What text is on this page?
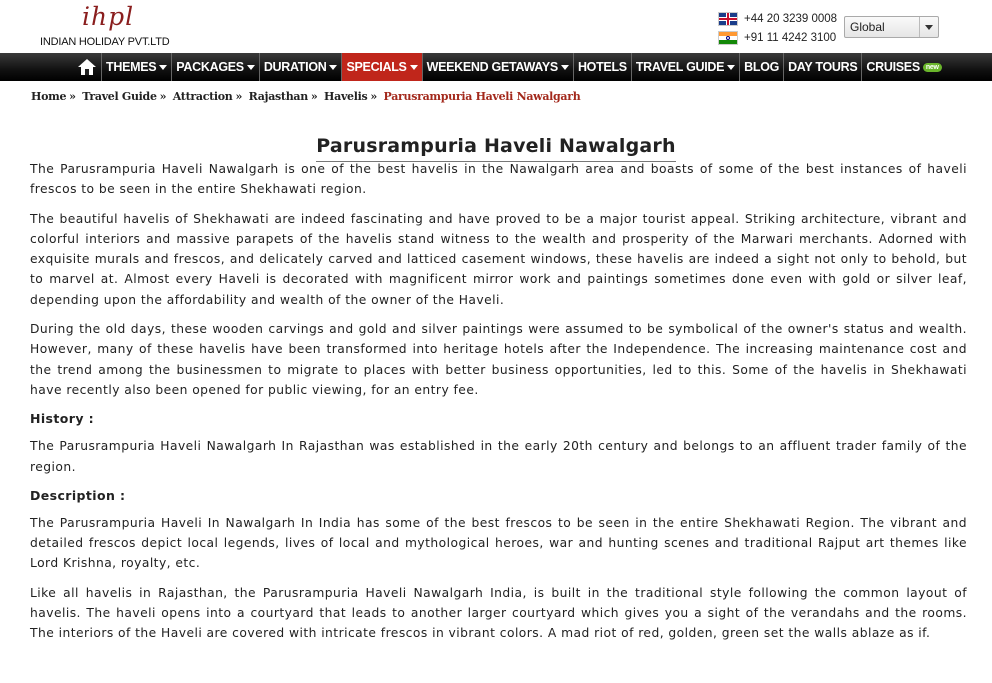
ihpl
INDIAN HOLIDAY PVT.LTD
+44 20 3239 0008
+91 11 4242 3100
Global
THEMES PACKAGES DURATION SPECIALS WEEKEND GETAWAYS HOTELS TRAVEL GUIDE BLOG DAY TOURS CRUISES new
Home » Travel Guide » Attraction » Rajasthan » Havelis » Parusrampuria Haveli Nawalgarh
Parusrampuria Haveli Nawalgarh

The Parusrampuria Haveli Nawalgarh is one of the best havelis in the Nawalgarh area and boasts of some of the best instances of haveli frescos to be seen in the entire Shekhawati region.

The beautiful havelis of Shekhawati are indeed fascinating and have proved to be a major tourist appeal. Striking architecture, vibrant and colorful interiors and massive parapets of the havelis stand witness to the wealth and prosperity of the Marwari merchants. Adorned with exquisite murals and frescos, and delicately carved and latticed casement windows, these havelis are indeed a sight not only to behold, but to marvel at. Almost every Haveli is decorated with magnificent mirror work and paintings sometimes done even with gold or silver leaf, depending upon the affordability and wealth of the owner of the Haveli.

During the old days, these wooden carvings and gold and silver paintings were assumed to be symbolical of the owner's status and wealth. However, many of these havelis have been transformed into heritage hotels after the Independence. The increasing maintenance cost and the trend among the businessmen to migrate to places with better business opportunities, led to this. Some of the havelis in Shekhawati have recently also been opened for public viewing, for an entry fee.

History :

The Parusrampuria Haveli Nawalgarh In Rajasthan was established in the early 20th century and belongs to an affluent trader family of the region.

Description :

The Parusrampuria Haveli In Nawalgarh In India has some of the best frescos to be seen in the entire Shekhawati Region. The vibrant and detailed frescos depict local legends, lives of local and mythological heroes, war and hunting scenes and traditional Rajput art themes like Lord Krishna, royalty, etc.

Like all havelis in Rajasthan, the Parusrampuria Haveli Nawalgarh India, is built in the traditional style following the common layout of havelis. The haveli opens into a courtyard that leads to another larger courtyard which gives you a sight of the verandahs and the rooms. The interiors of the Haveli are covered with intricate frescos in vibrant colors. A mad riot of red, golden, green set the walls ablaze as if.
